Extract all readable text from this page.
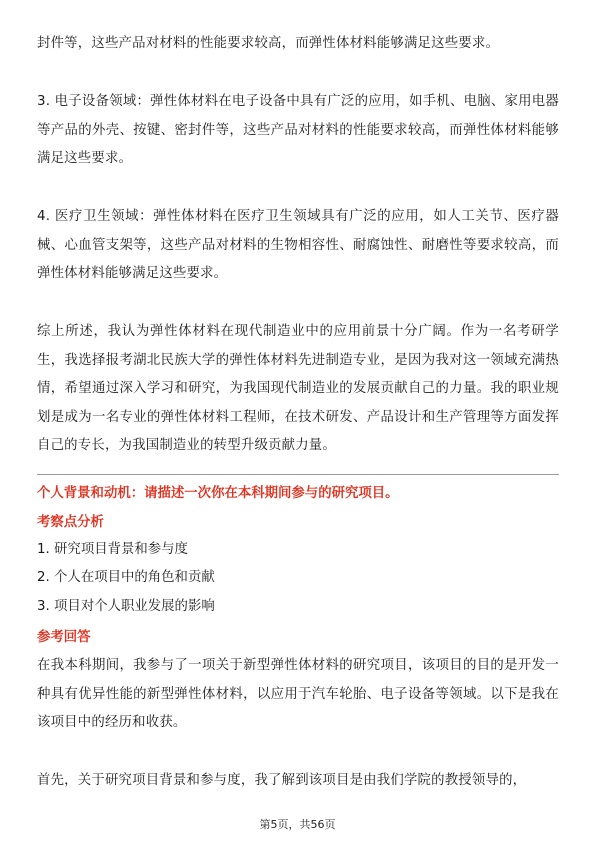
封件等，这些产品对材料的性能要求较高，而弹性体材料能够满足这些要求。

3. 电子设备领域：弹性体材料在电子设备中具有广泛的应用，如手机、电脑、家用电器等产品的外壳、按键、密封件等，这些产品对材料的性能要求较高，而弹性体材料能够满足这些要求。

4. 医疗卫生领域：弹性体材料在医疗卫生领域具有广泛的应用，如人工关节、医疗器械、心血管支架等，这些产品对材料的生物相容性、耐腐蚀性、耐磨性等要求较高，而弹性体材料能够满足这些要求。

综上所述，我认为弹性体材料在现代制造业中的应用前景十分广阔。作为一名考研学生，我选择报考湖北民族大学的弹性体材料先进制造专业，是因为我对这一领域充满热情，希望通过深入学习和研究，为我国现代制造业的发展贡献自己的力量。我的职业规划是成为一名专业的弹性体材料工程师，在技术研发、产品设计和生产管理等方面发挥自己的专长，为我国制造业的转型升级贡献力量。

个人背景和动机：请描述一次你在本科期间参与的研究项目。

考察点分析

1. 研究项目背景和参与度

2. 个人在项目中的角色和贡献

3. 项目对个人职业发展的影响

参考回答

在我本科期间，我参与了一项关于新型弹性体材料的研究项目，该项目的目的是开发一种具有优异性能的新型弹性体材料，以应用于汽车轮胎、电子设备等领域。以下是我在该项目中的经历和收获。

首先，关于研究项目背景和参与度，我了解到该项目是由我们学院的教授领导的，

第5页，共56页
